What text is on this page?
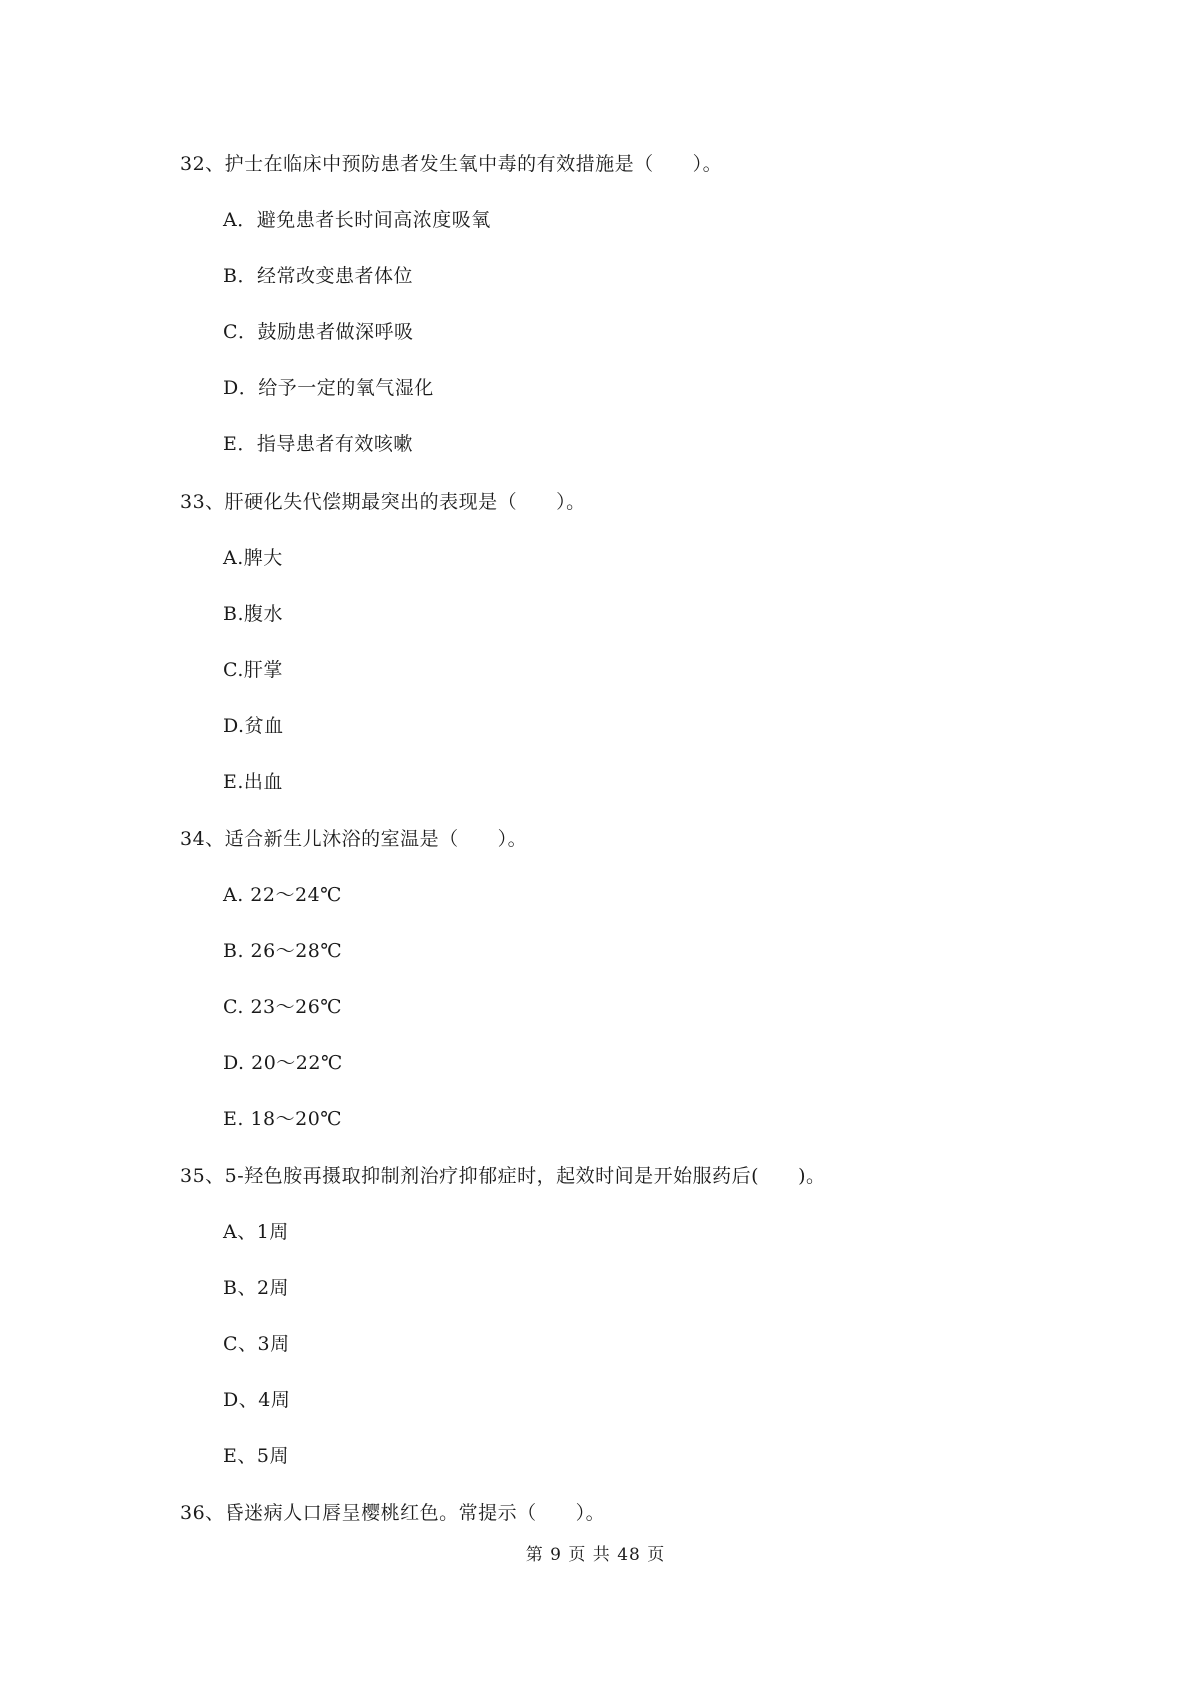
32、护士在临床中预防患者发生氧中毒的有效措施是（　　）。
A．避免患者长时间高浓度吸氧
B．经常改变患者体位
C．鼓励患者做深呼吸
D．给予一定的氧气湿化
E．指导患者有效咳嗽
33、肝硬化失代偿期最突出的表现是（　　）。
A.脾大
B.腹水
C.肝掌
D.贫血
E.出血
34、适合新生儿沐浴的室温是（　　）。
A. 22～24℃
B. 26～28℃
C. 23～26℃
D. 20～22℃
E. 18～20℃
35、5-羟色胺再摄取抑制剂治疗抑郁症时，起效时间是开始服药后(　　)。
A、1周
B、2周
C、3周
D、4周
E、5周
36、昏迷病人口唇呈樱桃红色。常提示（　　）。
第 9 页 共 48 页
